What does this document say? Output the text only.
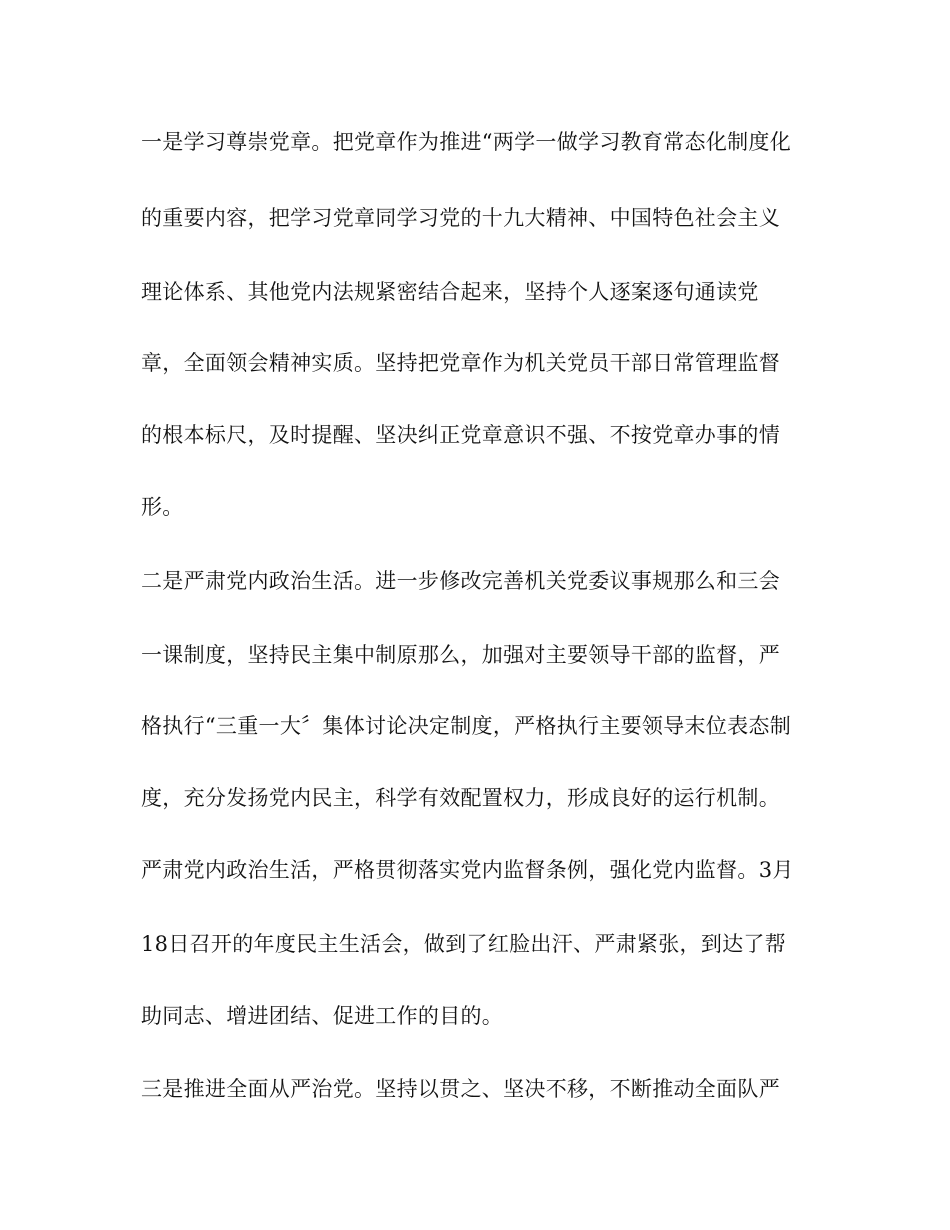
一是学习尊崇党章。把党章作为推进“两学一做学习教育常态化制度化
的重要内容，把学习党章同学习党的十九大精神、中国特色社会主义
理论体系、其他党内法规紧密结合起来，坚持个人逐案逐句通读党
章，全面领会精神实质。坚持把党章作为机关党员干部日常管理监督
的根本标尺，及时提醒、坚决纠正党章意识不强、不按党章办事的情
形。
二是严肃党内政治生活。进一步修改完善机关党委议事规那么和三会
一课制度，坚持民主集中制原那么，加强对主要领导干部的监督，严
格执行“三重一大〞集体讨论决定制度，严格执行主要领导末位表态制
度，充分发扬党内民主，科学有效配置权力，形成良好的运行机制。
严肃党内政治生活，严格贯彻落实党内监督条例，强化党内监督。3月
18日召开的年度民主生活会，做到了红脸出汗、严肃紧张，到达了帮
助同志、增进团结、促进工作的目的。
三是推进全面从严治党。坚持以贯之、坚决不移，不断推动全面队严
